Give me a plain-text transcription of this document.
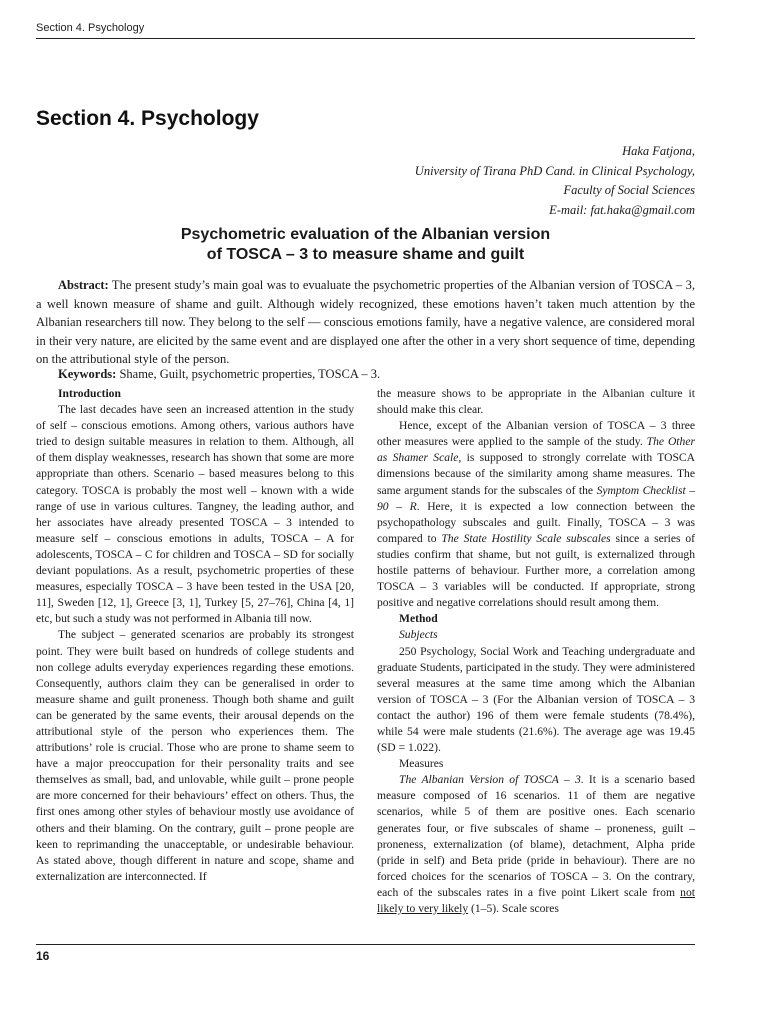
Section 4. Psychology
Section 4. Psychology
Haka Fatjona,
University of Tirana PhD Cand. in Clinical Psychology,
Faculty of Social Sciences
E-mail: fat.haka@gmail.com
Psychometric evaluation of the Albanian version
of TOSCA – 3 to measure shame and guilt

Abstract: The present study’s main goal was to evualuate the psychometric properties of the Albanian version of TOSCA – 3, a well known measure of shame and guilt. Although widely recognized, these emotions haven’t taken much attention by the Albanian researchers till now. They belong to the self — conscious emotions family, have a negative valence, are considered moral in their very nature, are elicited by the same event and are displayed one after the other in a very short sequence of time, depending on the attributional style of the person.

Keywords: Shame, Guilt, psychometric properties, TOSCA – 3.

Introduction

The last decades have seen an increased attention in the study of self – conscious emotions. Among others, various authors have tried to design suitable measures in relation to them. Although, all of them display weaknesses, research has shown that some are more appropriate than others. Scenario – based measures belong to this category. TOSCA is probably the most well – known with a wide range of use in various cultures. Tangney, the leading author, and her associates have already presented TOSCA – 3 intended to measure self – conscious emotions in adults, TOSCA – A for adolescents, TOSCA – C for children and TOSCA – SD for socially deviant populations. As a result, psychometric properties of these measures, especially TOSCA – 3 have been tested in the USA [20, 11], Sweden [12, 1], Greece [3, 1], Turkey [5, 27–76], China [4, 1] etc, but such a study was not performed in Albania till now.

The subject – generated scenarios are probably its strongest point. They were built based on hundreds of college students and non college adults everyday experiences regarding these emotions. Consequently, authors claim they can be generalised in order to measure shame and guilt proneness. Though both shame and guilt can be generated by the same events, their arousal depends on the attributional style of the person who experiences them. The attributions’ role is crucial. Those who are prone to shame seem to have a major preoccupation for their personality traits and see themselves as small, bad, and unlovable, while guilt – prone people are more concerned for their behaviours’ effect on others. Thus, the first ones among other styles of behaviour mostly use avoidance of others and their blaming. On the contrary, guilt – prone people are keen to reprimanding the unacceptable, or undesirable behaviour. As stated above, though different in nature and scope, shame and externalization are interconnected. If

the measure shows to be appropriate in the Albanian culture it should make this clear.

Hence, except of the Albanian version of TOSCA – 3 three other measures were applied to the sample of the study. The Other as Shamer Scale, is supposed to strongly correlate with TOSCA dimensions because of the similarity among shame measures. The same argument stands for the subscales of the Symptom Checklist – 90 – R. Here, it is expected a low connection between the psychopathology subscales and guilt. Finally, TOSCA – 3 was compared to The State Hostility Scale subscales since a series of studies confirm that shame, but not guilt, is externalized through hostile patterns of behaviour. Further more, a correlation among TOSCA – 3 variables will be conducted. If appropriate, strong positive and negative correlations should result among them.

Method
Subjects

250 Psychology, Social Work and Teaching undergraduate and graduate Students, participated in the study. They were administered several measures at the same time among which the Albanian version of TOSCA – 3 (For the Albanian version of TOSCA – 3 contact the author) 196 of them were female students (78.4%), while 54 were male students (21.6%). The average age was 19.45 (SD = 1.022).

Measures

The Albanian Version of TOSCA – 3. It is a scenario based measure composed of 16 scenarios. 11 of them are negative scenarios, while 5 of them are positive ones. Each scenario generates four, or five subscales of shame – proneness, guilt – proneness, externalization (of blame), detachment, Alpha pride (pride in self) and Beta pride (pride in behaviour). There are no forced choices for the scenarios of TOSCA – 3. On the contrary, each of the subscales rates in a five point Likert scale from not likely to very likely (1–5). Scale scores

16
